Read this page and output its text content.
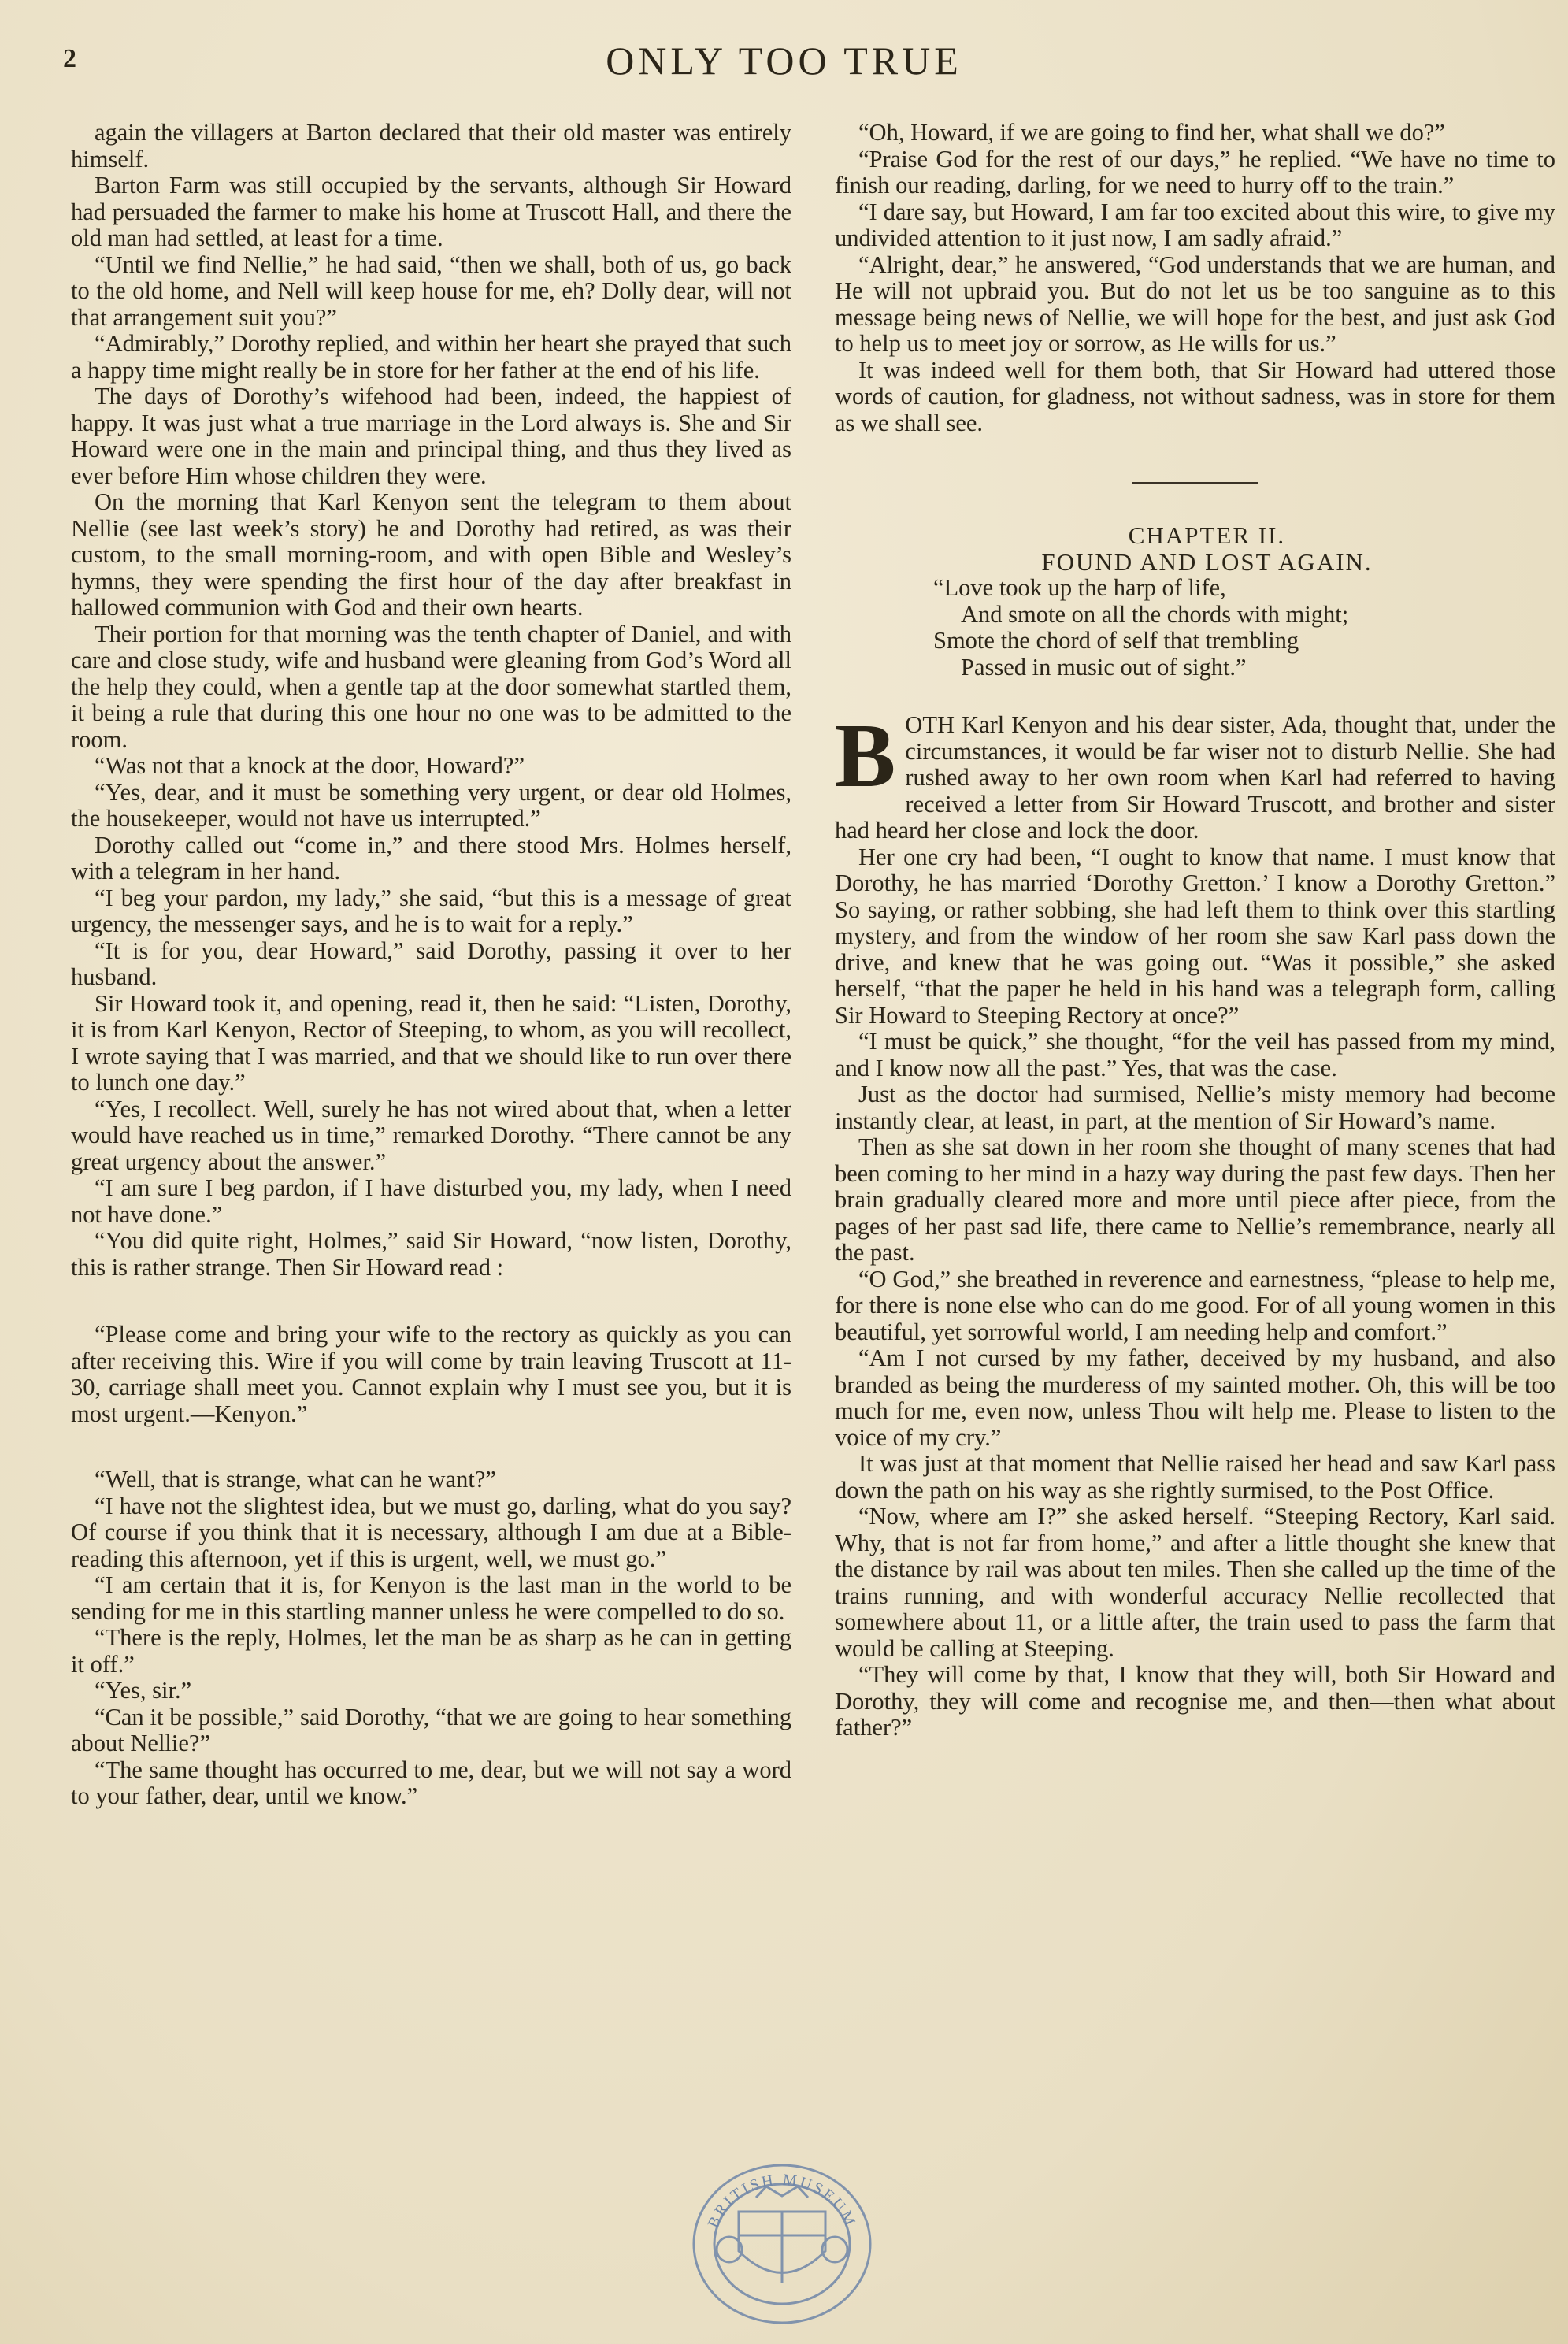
2	ONLY TOO TRUE

again the villagers at Barton declared that their old master was entirely himself.

Barton Farm was still occupied by the servants, although Sir Howard had persuaded the farmer to make his home at Truscott Hall, and there the old man had settled, at least for a time.

“Until we find Nellie,” he had said, “then we shall, both of us, go back to the old home, and Nell will keep house for me, eh? Dolly dear, will not that arrangement suit you?”

“Admirably,” Dorothy replied, and within her heart she prayed that such a happy time might really be in store for her father at the end of his life.

The days of Dorothy’s wifehood had been, indeed, the happiest of happy. It was just what a true marriage in the Lord always is. She and Sir Howard were one in the main and principal thing, and thus they lived as ever before Him whose children they were.

On the morning that Karl Kenyon sent the telegram to them about Nellie (see last week’s story) he and Dorothy had retired, as was their custom, to the small morning-room, and with open Bible and Wesley’s hymns, they were spending the first hour of the day after breakfast in hallowed communion with God and their own hearts.

Their portion for that morning was the tenth chapter of Daniel, and with care and close study, wife and husband were gleaning from God’s Word all the help they could, when a gentle tap at the door somewhat startled them, it being a rule that during this one hour no one was to be admitted to the room.

“Was not that a knock at the door, Howard?”

“Yes, dear, and it must be something very urgent, or dear old Holmes, the housekeeper, would not have us interrupted.”

Dorothy called out “come in,” and there stood Mrs. Holmes herself, with a telegram in her hand.

“I beg your pardon, my lady,” she said, “but this is a message of great urgency, the messenger says, and he is to wait for a reply.”

“It is for you, dear Howard,” said Dorothy, passing it over to her husband.

Sir Howard took it, and opening, read it, then he said: “Listen, Dorothy, it is from Karl Kenyon, Rector of Steeping, to whom, as you will recollect, I wrote saying that I was married, and that we should like to run over there to lunch one day.”

“Yes, I recollect. Well, surely he has not wired about that, when a letter would have reached us in time,” remarked Dorothy. “There cannot be any great urgency about the answer.”

“I am sure I beg pardon, if I have disturbed you, my lady, when I need not have done.”

“You did quite right, Holmes,” said Sir Howard, “now listen, Dorothy, this is rather strange. Then Sir Howard read :

“Please come and bring your wife to the rectory as quickly as you can after receiving this. Wire if you will come by train leaving Truscott at 11-30, carriage shall meet you. Cannot explain why I must see you, but it is most urgent.—Kenyon.”

“Well, that is strange, what can he want?”

“I have not the slightest idea, but we must go, darling, what do you say? Of course if you think that it is necessary, although I am due at a Bible-reading this afternoon, yet if this is urgent, well, we must go.”

“I am certain that it is, for Kenyon is the last man in the world to be sending for me in this startling manner unless he were compelled to do so.

“There is the reply, Holmes, let the man be as sharp as he can in getting it off.”

“Yes, sir.”

“Can it be possible,” said Dorothy, “that we are going to hear something about Nellie?”

“The same thought has occurred to me, dear, but we will not say a word to your father, dear, until we know.”

“Oh, Howard, if we are going to find her, what shall we do?”

“Praise God for the rest of our days,” he replied. “We have no time to finish our reading, darling, for we need to hurry off to the train.”

“I dare say, but Howard, I am far too excited about this wire, to give my undivided attention to it just now, I am sadly afraid.”

“Alright, dear,” he answered, “God understands that we are human, and He will not upbraid you. But do not let us be too sanguine as to this message being news of Nellie, we will hope for the best, and just ask God to help us to meet joy or sorrow, as He wills for us.”

It was indeed well for them both, that Sir Howard had uttered those words of caution, for gladness, not without sadness, was in store for them as we shall see.

CHAPTER II.

FOUND AND LOST AGAIN.

“Love took up the harp of life,
And smote on all the chords with might;
Smote the chord of self that trembling
Passed in music out of sight.”

BOTH Karl Kenyon and his dear sister, Ada, thought that, under the circumstances, it would be far wiser not to disturb Nellie. She had rushed away to her own room when Karl had referred to having received a letter from Sir Howard Truscott, and brother and sister had heard her close and lock the door.

Her one cry had been, “I ought to know that name. I must know that Dorothy, he has married ‘Dorothy Gretton.’ I know a Dorothy Gretton.” So saying, or rather sobbing, she had left them to think over this startling mystery, and from the window of her room she saw Karl pass down the drive, and knew that he was going out. “Was it possible,” she asked herself, “that the paper he held in his hand was a telegraph form, calling Sir Howard to Steeping Rectory at once?”

“I must be quick,” she thought, “for the veil has passed from my mind, and I know now all the past.” Yes, that was the case.

Just as the doctor had surmised, Nellie’s misty memory had become instantly clear, at least, in part, at the mention of Sir Howard’s name.

Then as she sat down in her room she thought of many scenes that had been coming to her mind in a hazy way during the past few days. Then her brain gradually cleared more and more until piece after piece, from the pages of her past sad life, there came to Nellie’s remembrance, nearly all the past.

“O God,” she breathed in reverence and earnestness, “please to help me, for there is none else who can do me good. For of all young women in this beautiful, yet sorrowful world, I am needing help and comfort.”

“Am I not cursed by my father, deceived by my husband, and also branded as being the murderess of my sainted mother. Oh, this will be too much for me, even now, unless Thou wilt help me. Please to listen to the voice of my cry.”

It was just at that moment that Nellie raised her head and saw Karl pass down the path on his way as she rightly surmised, to the Post Office.

“Now, where am I?” she asked herself. “Steeping Rectory, Karl said. Why, that is not far from home,” and after a little thought she knew that the distance by rail was about ten miles. Then she called up the time of the trains running, and with wonderful accuracy Nellie recollected that somewhere about 11, or a little after, the train used to pass the farm that would be calling at Steeping.

“They will come by that, I know that they will, both Sir Howard and Dorothy, they will come and recognise me, and then—then what about father?”

BRITISH MUSEUM
